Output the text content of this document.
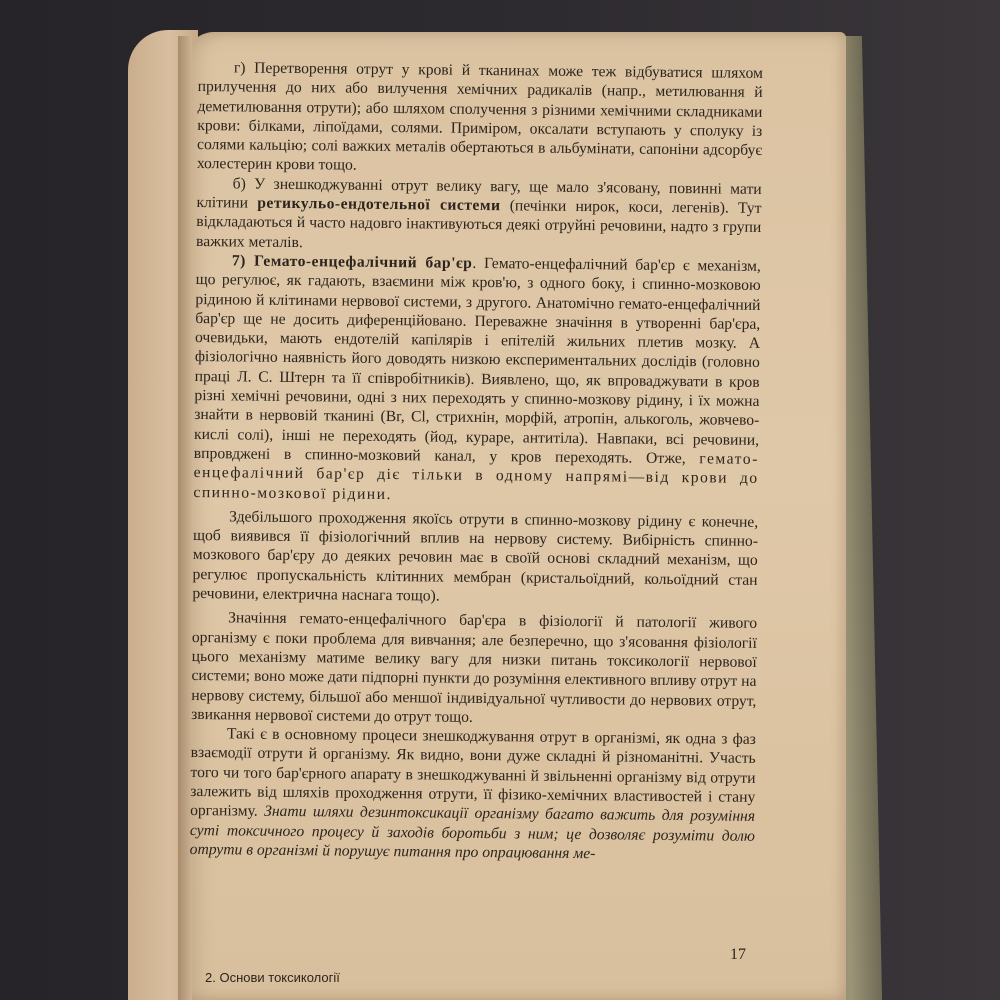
г) Перетворення отрут у крові й тканинах може теж відбуватися шляхом прилучення до них або вилучення хемічних радикалів (напр., метилювання й деметилювання отрути); або шляхом сполучення з різними хемічними складниками крови: білками, ліпоїдами, солями. Приміром, оксалати вступають у сполуку із солями кальцію; солі важких металів обертаються в альбумінати, сапоніни адсорбує холестерин крови тощо.

б) У знешкоджуванні отрут велику вагу, ще мало з'ясовану, повинні мати клітини ретикульо-ендотельної системи (печінки нирок, коси, легенів). Тут відкладаються й часто надовго інактивуються деякі отруйні речовини, надто з групи важких металів.

7) Гемато-енцефалічний бар'єр. Гемато-енцефалічний бар'єр є механізм, що регулює, як гадають, взаємини між кров'ю, з одного боку, і спинно-мозковою рідиною й клітинами нервової системи, з другого. Анатомічно гемато-енцефалічний бар'єр ще не досить диференційовано. Переважне значіння в утворенні бар'єра, очевидьки, мають ендотелій капілярів і епітелій жильних плетив мозку. А фізіологічно наявність його доводять низкою експериментальних дослідів (головно праці Л. С. Штерн та її співробітників). Виявлено, що, як впроваджувати в кров різні хемічні речовини, одні з них переходять у спинно-мозкову рідину, і їх можна знайти в нервовій тканині (Br, Cl, стрихнін, морфій, атропін, алькоголь, жовчево-кислі солі), інші не переходять (йод, кураре, антитіла). Навпаки, всі речовини, впровджені в спинно-мозковий канал, у кров переходять. Отже, гемато-енцефалічний бар'єр діє тільки в одному напрямі—від крови до спинно-мозкової рідини.

Здебільшого проходження якоїсь отрути в спинно-мозкову рідину є конечне, щоб виявився її фізіологічний вплив на нервову систему. Вибірність спинно-мозкового бар'єру до деяких речовин має в своїй основі складний механізм, що регулює пропускальність клітинних мембран (кристальоїдний, кольоїдний стан речовини, електрична наснага тощо).

Значіння гемато-енцефалічного бар'єра в фізіології й патології живого організму є поки проблема для вивчання; але безперечно, що з'ясовання фізіології цього механізму матиме велику вагу для низки питань токсикології нервової системи; воно може дати підпорні пункти до розуміння елективного впливу отрут на нервову систему, більшої або меншої індивідуальної чутливости до нервових отрут, звикання нервової системи до отрут тощо.

Такі є в основному процеси знешкоджування отрут в організмі, як одна з фаз взаємодії отрути й організму. Як видно, вони дуже складні й різноманітні. Участь того чи того бар'єрного апарату в знешкоджуванні й звільненні організму від отрути залежить від шляхів проходження отрути, її фізико-хемічних властивостей і стану організму. Знати шляхи дезинтоксикації організму багато важить для розуміння суті токсичного процесу й заходів боротьби з ним; це дозволяє розуміти долю отрути в організмі й порушує питання про опрацювання ме-

2. Основи токсикології
17
